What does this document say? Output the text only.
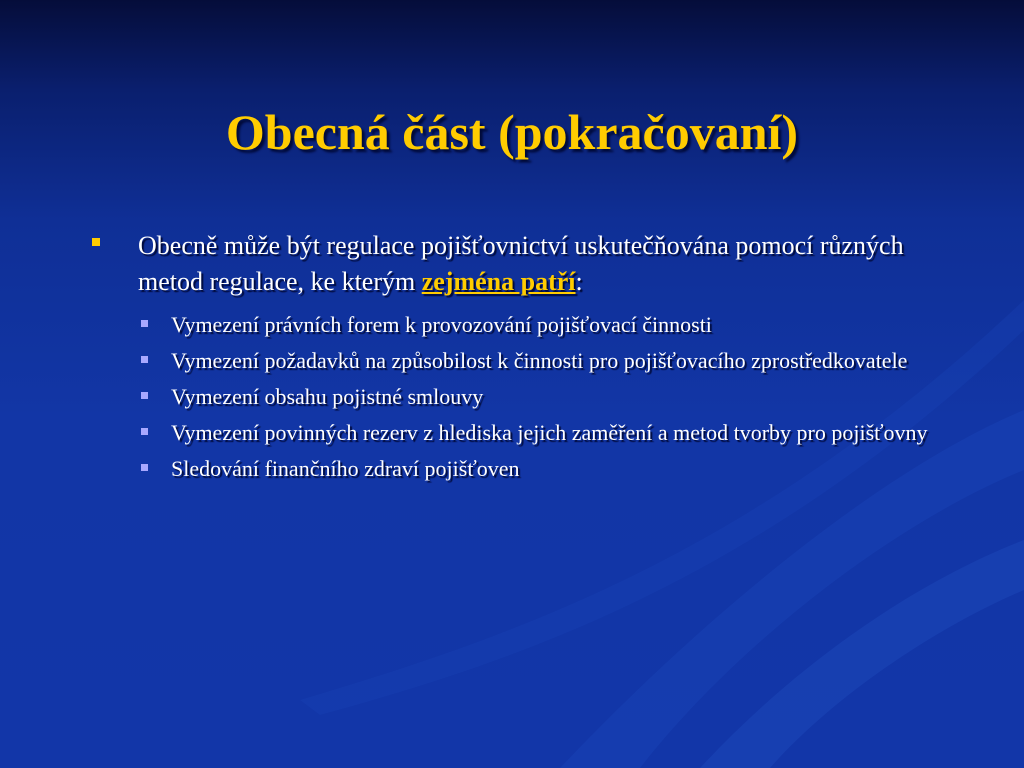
Obecná část (pokračovaní)
Obecně může být regulace pojišťovnictví uskutečňována pomocí různých metod regulace, ke kterým zejména patří:
Vymezení právních forem k provozování pojišťovací činnosti
Vymezení požadavků na způsobilost k činnosti pro pojišťovacího zprostředkovatele
Vymezení obsahu pojistné smlouvy
Vymezení povinných rezerv z hlediska jejich zaměření a metod tvorby pro pojišťovny
Sledování finančního zdraví pojišťoven
